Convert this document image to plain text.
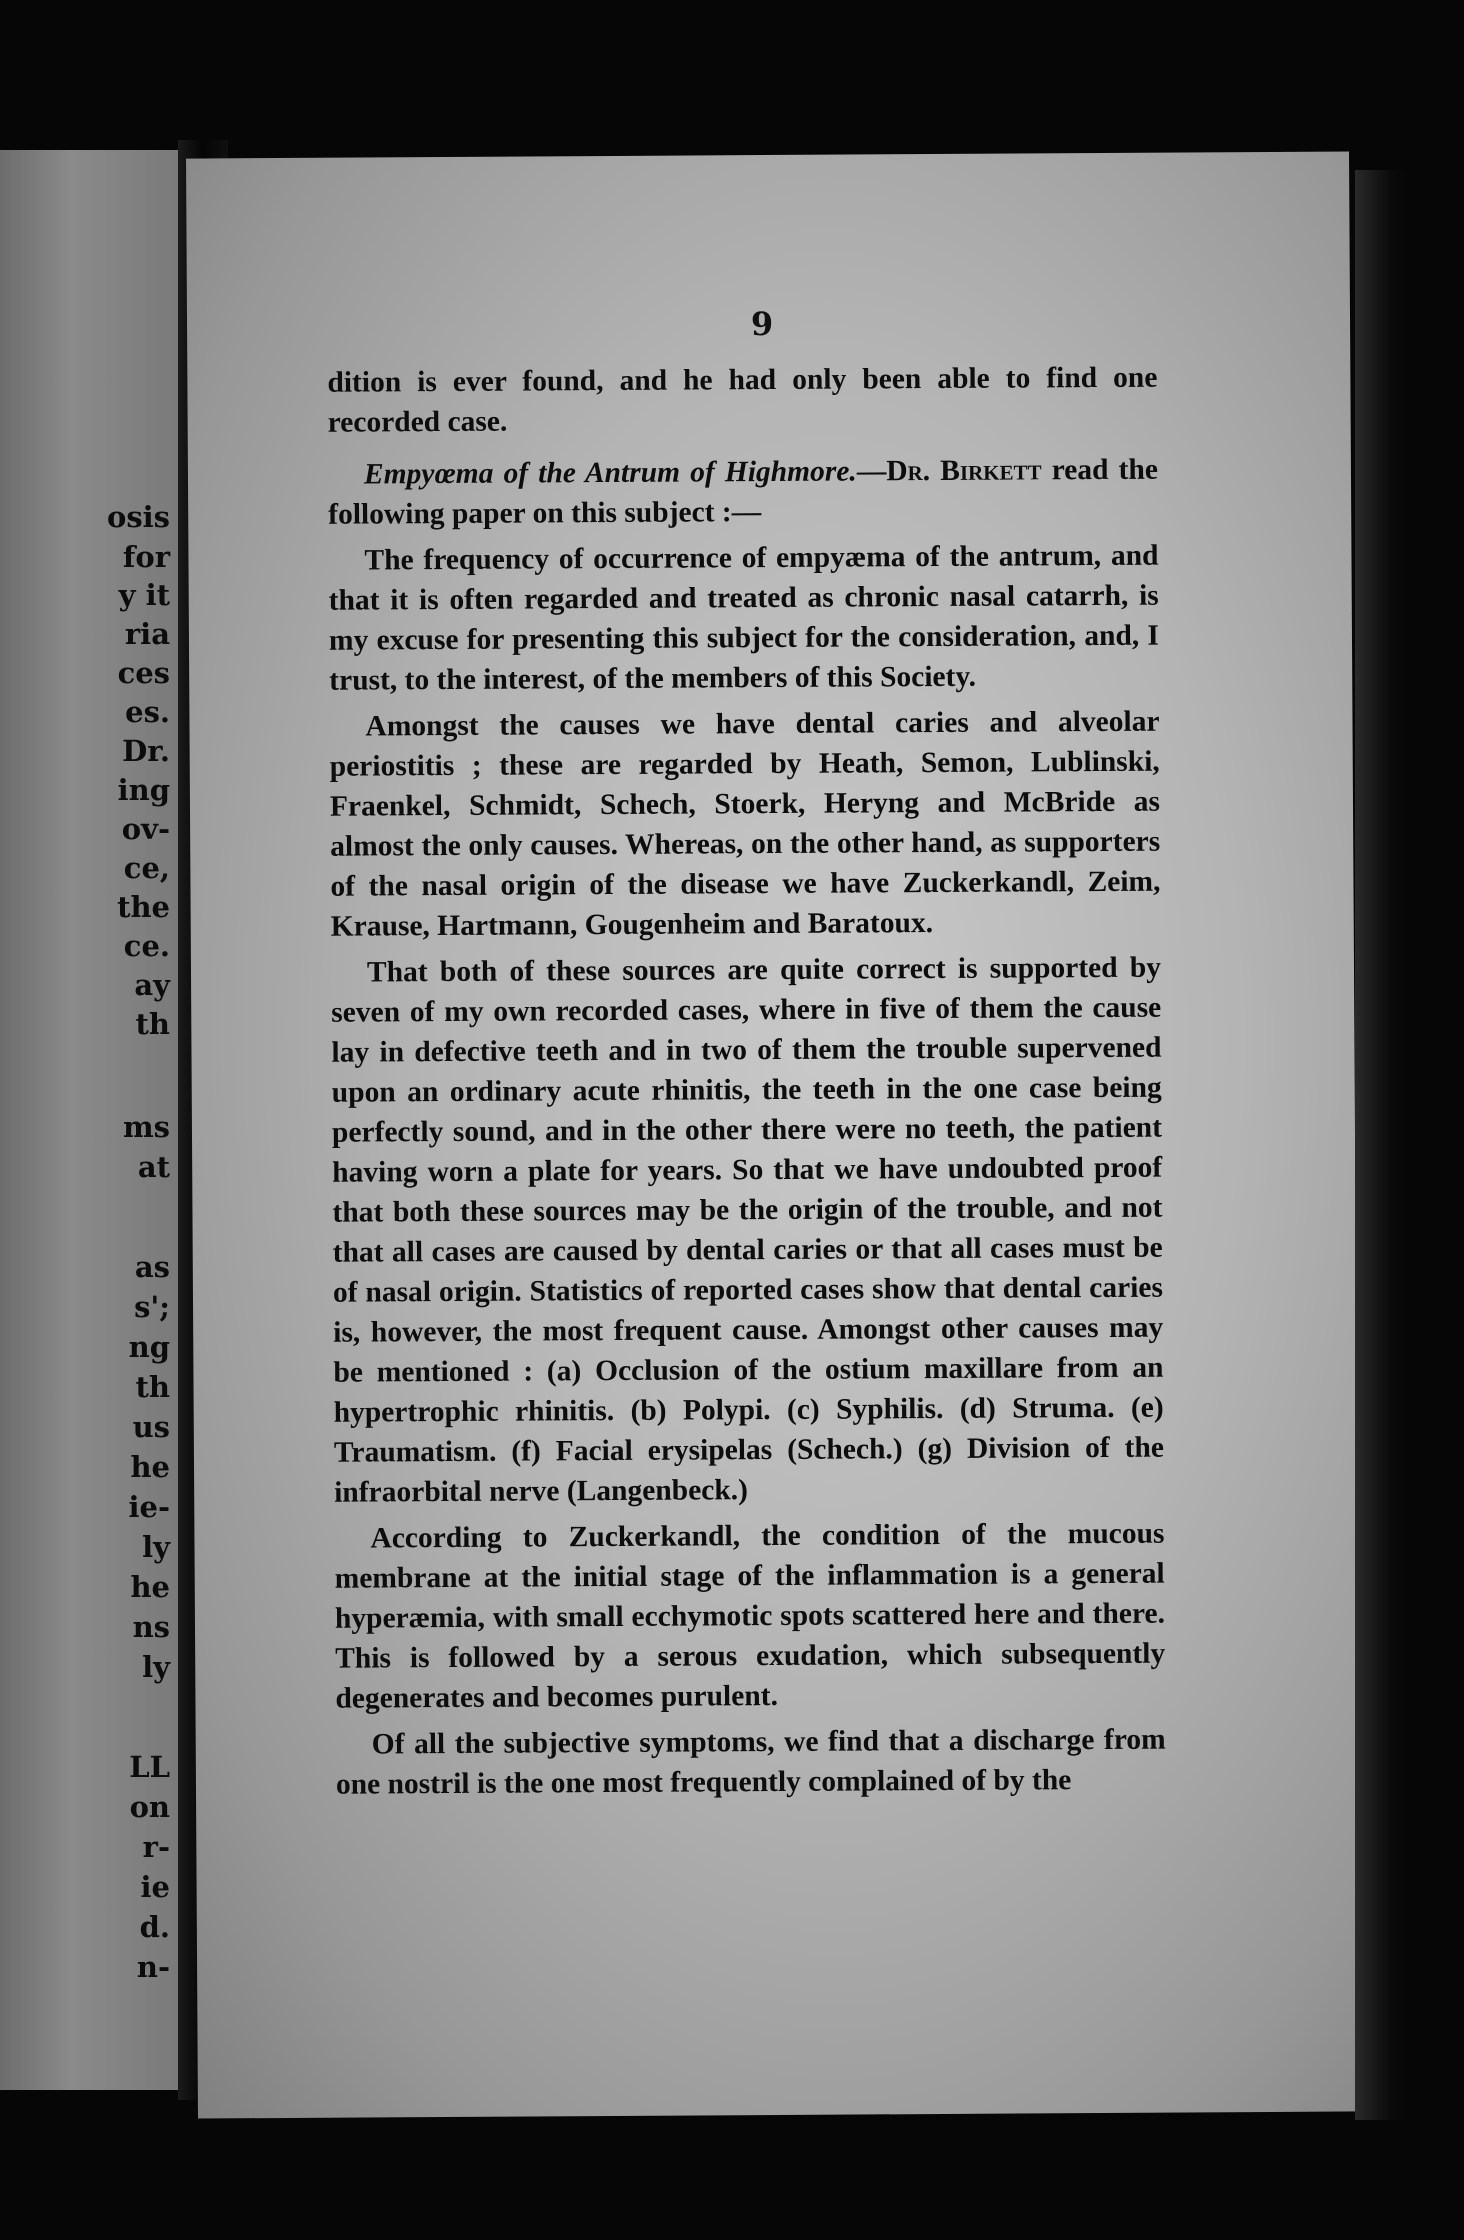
osis
for
y it
ria
ces
es.
Dr.
ing
ov-
ce,
the
ce.
ay
th
ms
at
as
s';
ng
th
us
he
ie-
ly
he
ns
ly
LL
on
r-
ie
d.
n-
9

dition is ever found, and he had only been able to find one recorded case.

Empyœma of the Antrum of Highmore.—Dr. Birkett read the following paper on this subject :—

The frequency of occurrence of empyæma of the antrum, and that it is often regarded and treated as chronic nasal catarrh, is my excuse for presenting this subject for the consideration, and, I trust, to the interest, of the members of this Society.

Amongst the causes we have dental caries and alveolar periostitis ; these are regarded by Heath, Semon, Lublinski, Fraenkel, Schmidt, Schech, Stoerk, Heryng and McBride as almost the only causes. Whereas, on the other hand, as supporters of the nasal origin of the disease we have Zuckerkandl, Zeim, Krause, Hartmann, Gougenheim and Baratoux.

That both of these sources are quite correct is supported by seven of my own recorded cases, where in five of them the cause lay in defective teeth and in two of them the trouble supervened upon an ordinary acute rhinitis, the teeth in the one case being perfectly sound, and in the other there were no teeth, the patient having worn a plate for years. So that we have undoubted proof that both these sources may be the origin of the trouble, and not that all cases are caused by dental caries or that all cases must be of nasal origin. Statistics of reported cases show that dental caries is, however, the most frequent cause. Amongst other causes may be mentioned : (a) Occlusion of the ostium maxillare from an hypertrophic rhinitis. (b) Polypi. (c) Syphilis. (d) Struma. (e) Traumatism. (f) Facial erysipelas (Schech.) (g) Division of the infraorbital nerve (Langenbeck.)

According to Zuckerkandl, the condition of the mucous membrane at the initial stage of the inflammation is a general hyperæmia, with small ecchymotic spots scattered here and there. This is followed by a serous exudation, which subsequently degenerates and becomes purulent.

Of all the subjective symptoms, we find that a discharge from one nostril is the one most frequently complained of by the
